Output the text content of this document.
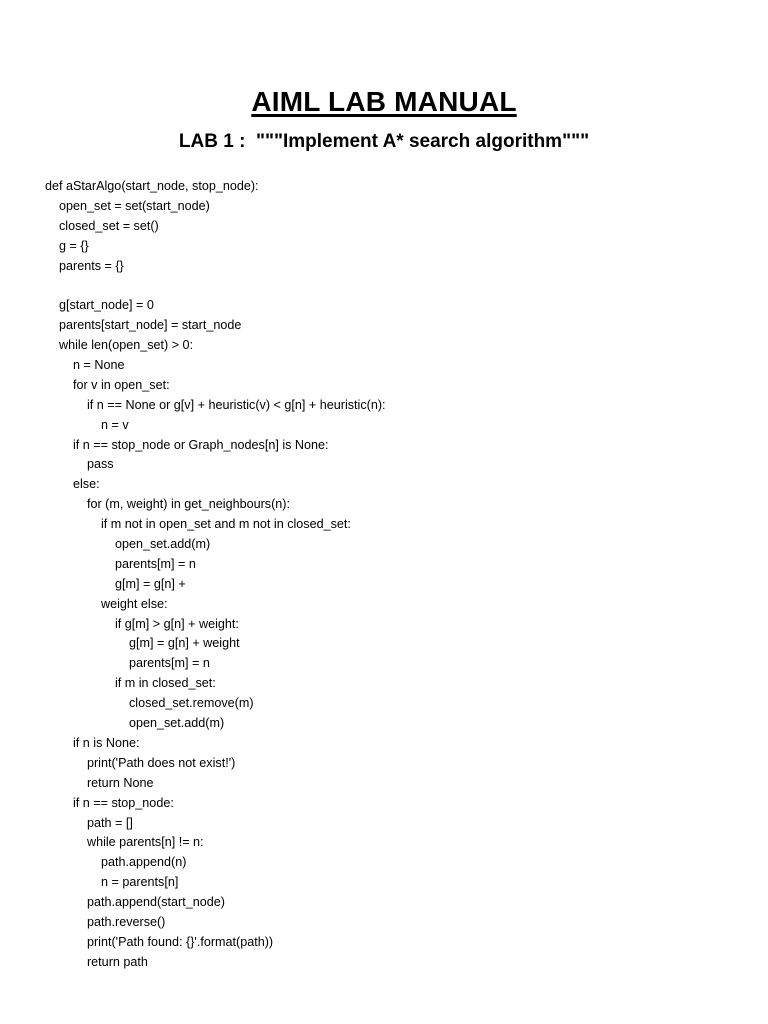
AIML LAB MANUAL
LAB 1 :  """Implement A* search algorithm"""
def aStarAlgo(start_node, stop_node):
open_set = set(start_node)
closed_set = set()
g = {}
parents = {}
g[start_node] = 0
parents[start_node] = start_node
while len(open_set) > 0:
n = None
for v in open_set:
if n == None or g[v] + heuristic(v) < g[n] + heuristic(n):
n = v
if n == stop_node or Graph_nodes[n] is None:
pass
else:
for (m, weight) in get_neighbours(n):
if m not in open_set and m not in closed_set:
open_set.add(m)
parents[m] = n
g[m] = g[n] +
weight else:
if g[m] > g[n] + weight:
g[m] = g[n] + weight
parents[m] = n
if m in closed_set:
closed_set.remove(m)
open_set.add(m)
if n is None:
print('Path does not exist!')
return None
if n == stop_node:
path = []
while parents[n] != n:
path.append(n)
n = parents[n]
path.append(start_node)
path.reverse()
print('Path found: {}'.format(path))
return path
